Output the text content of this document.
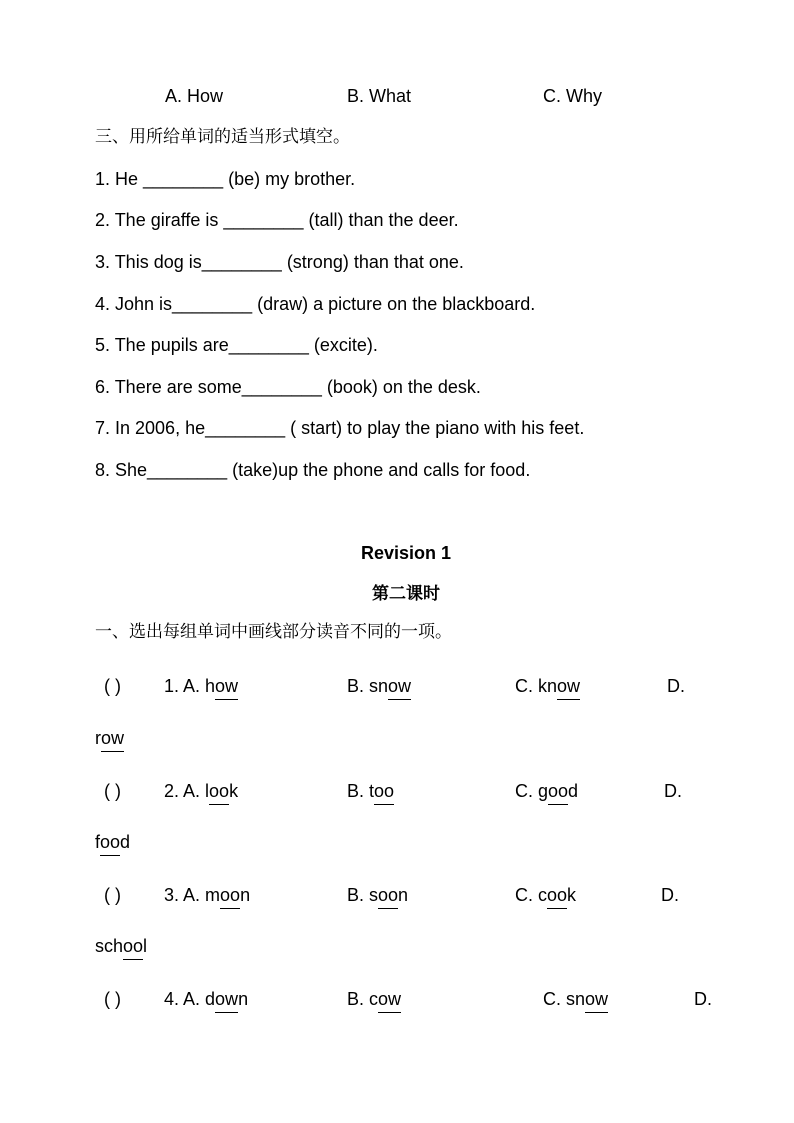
A. How	B. What	C. Why
三、用所给单词的适当形式填空。
1. He ________ (be) my brother.
2. The giraffe is ________ (tall) than the deer.
3. This dog is________ (strong) than that one.
4. John is________ (draw) a picture on the blackboard.
5. The pupils are________ (excite).
6. There are some________ (book) on the desk.
7. In 2006, he________ ( start) to play the piano with his feet.
8. She________ (take)up the phone and calls for food.
Revision 1
第二课时
一、选出每组单词中画线部分读音不同的一项。
( ) 1. A. how	B. snow	C. know	D.
row
( ) 2. A. look	B. too	C. good	D.
food
( ) 3. A. moon	B. soon	C. cook	D.
school
( ) 4. A. down	B. cow	C. snow	D.
